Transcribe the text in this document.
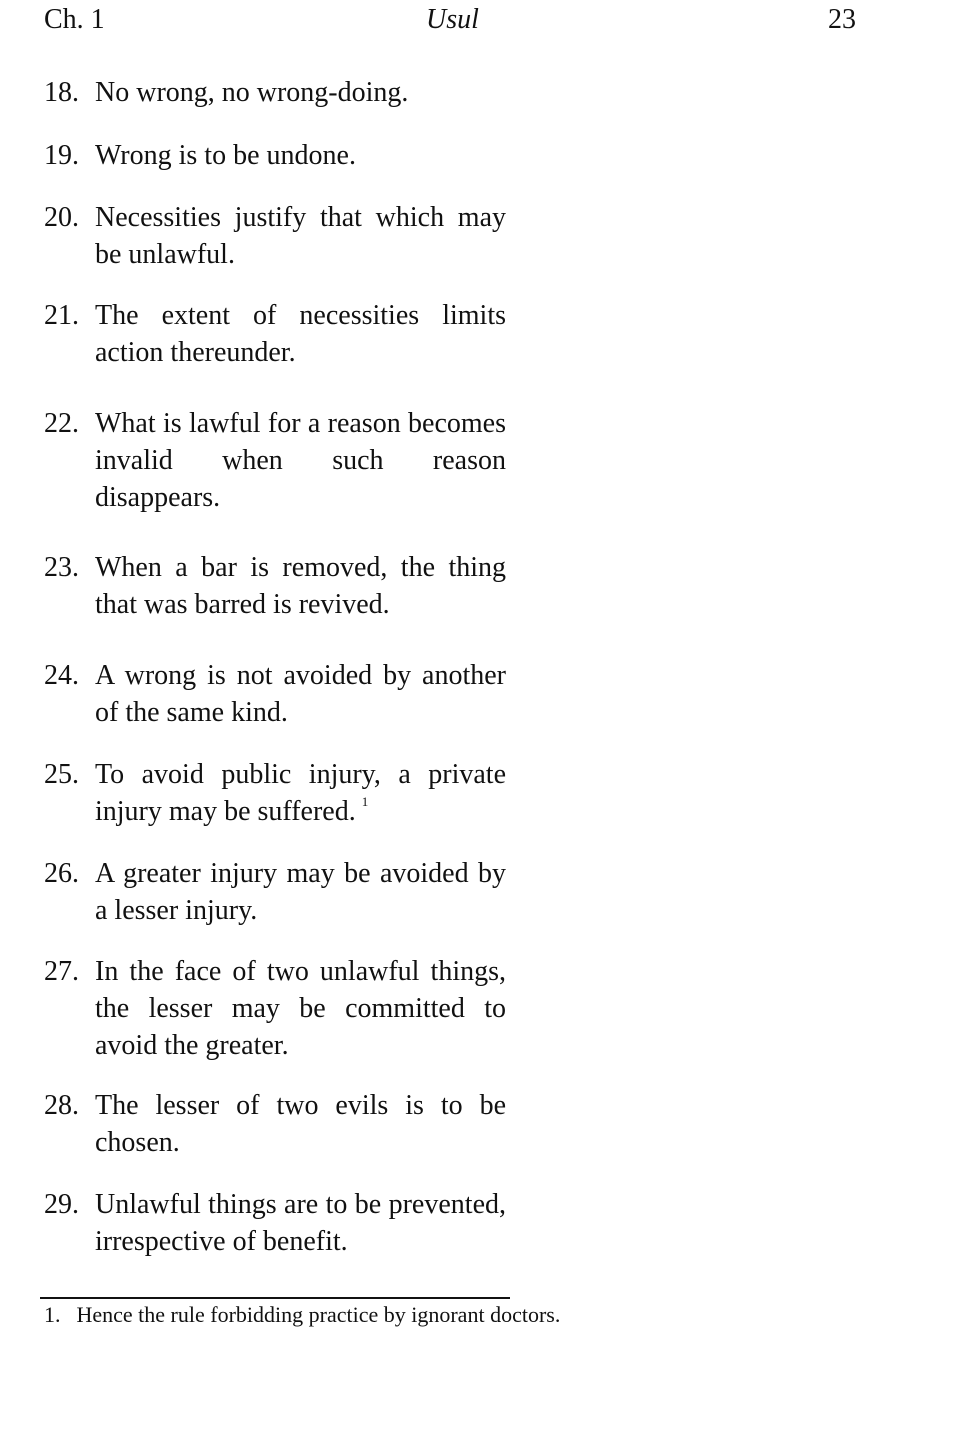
Ch. 1	Usul	23
18. No wrong, no wrong-doing.
19. Wrong is to be undone.
20. Necessities justify that which may be unlawful.
21. The extent of necessities limits action thereunder.
22. What is lawful for a reason becomes invalid when such reason disappears.
23. When a bar is removed, the thing that was barred is revived.
24. A wrong is not avoided by another of the same kind.
25. To avoid public injury, a private injury may be suffered. $^1$
26. A greater injury may be avoided by a lesser injury.
27. In the face of two unlawful things, the lesser may be committed to avoid the greater.
28. The lesser of two evils is to be chosen.
29. Unlawful things are to be prevented, irrespective of benefit.
1. Hence the rule forbidding practice by ignorant doctors.
